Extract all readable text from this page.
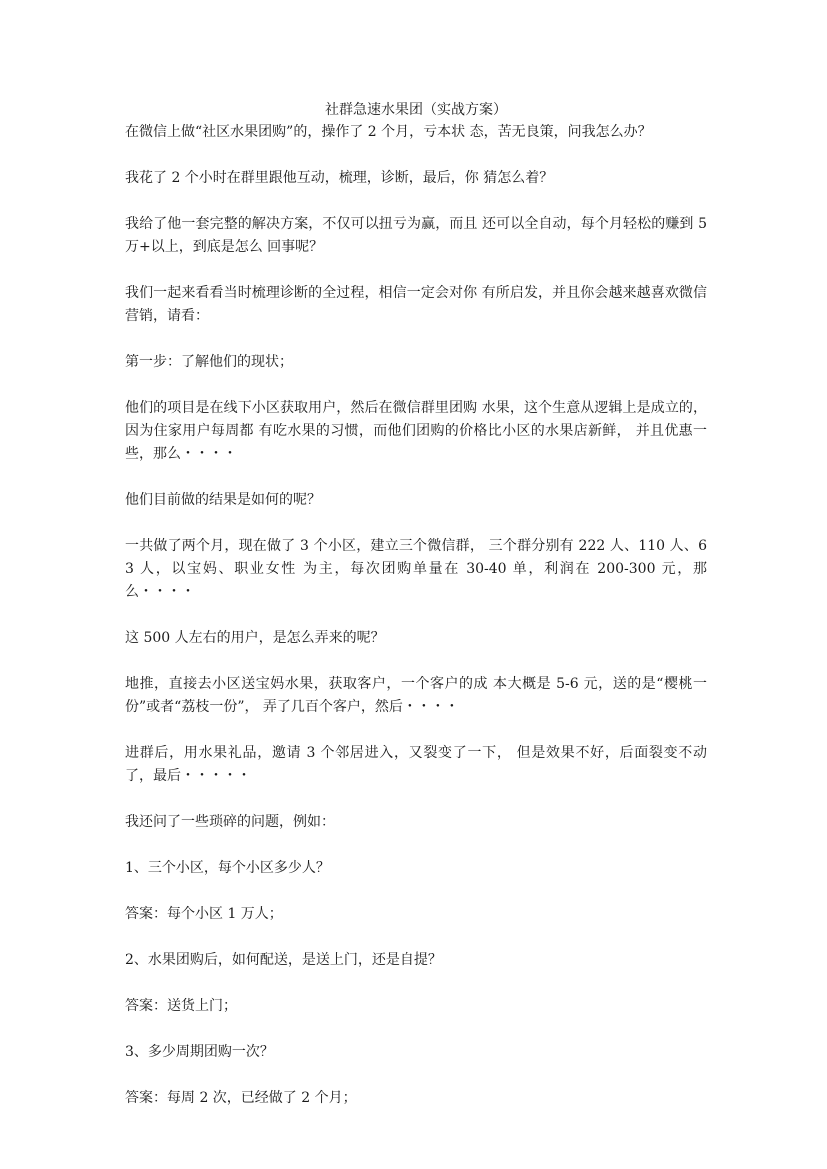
社群急速水果团（实战方案）
在微信上做“社区水果团购”的，操作了 2 个月，亏本状 态，苦无良策，问我怎么办？
我花了 2 个小时在群里跟他互动，梳理，诊断，最后，你 猜怎么着？
我给了他一套完整的解决方案，不仅可以扭亏为赢，而且 还可以全自动，每个月轻松的赚到 5 万+以上，到底是怎么 回事呢？
我们一起来看看当时梳理诊断的全过程，相信一定会对你 有所启发，并且你会越来越喜欢微信营销，请看：
第一步：了解他们的现状；
他们的项目是在线下小区获取用户，然后在微信群里团购 水果，这个生意从逻辑上是成立的，因为住家用户每周都 有吃水果的习惯，而他们团购的价格比小区的水果店新鲜， 并且优惠一些，那么・・・・
他们目前做的结果是如何的呢？
一共做了两个月，现在做了 3 个小区，建立三个微信群， 三个群分别有 222 人、110 人、63 人，以宝妈、职业女性 为主，每次团购单量在 30-40 单，利润在 200-300 元，那么・・・・
这 500 人左右的用户，是怎么弄来的呢？
地推，直接去小区送宝妈水果，获取客户，一个客户的成 本大概是 5-6 元，送的是“樱桃一份”或者“荔枝一份”， 弄了几百个客户，然后・・・・
进群后，用水果礼品，邀请 3 个邻居进入，又裂变了一下， 但是效果不好，后面裂变不动了，最后・・・・・
我还问了一些琐碎的问题，例如：
1、三个小区，每个小区多少人？
答案：每个小区 1 万人；
2、水果团购后，如何配送，是送上门，还是自提？
答案：送货上门；
3、多少周期团购一次？
答案：每周 2 次，已经做了 2 个月；
